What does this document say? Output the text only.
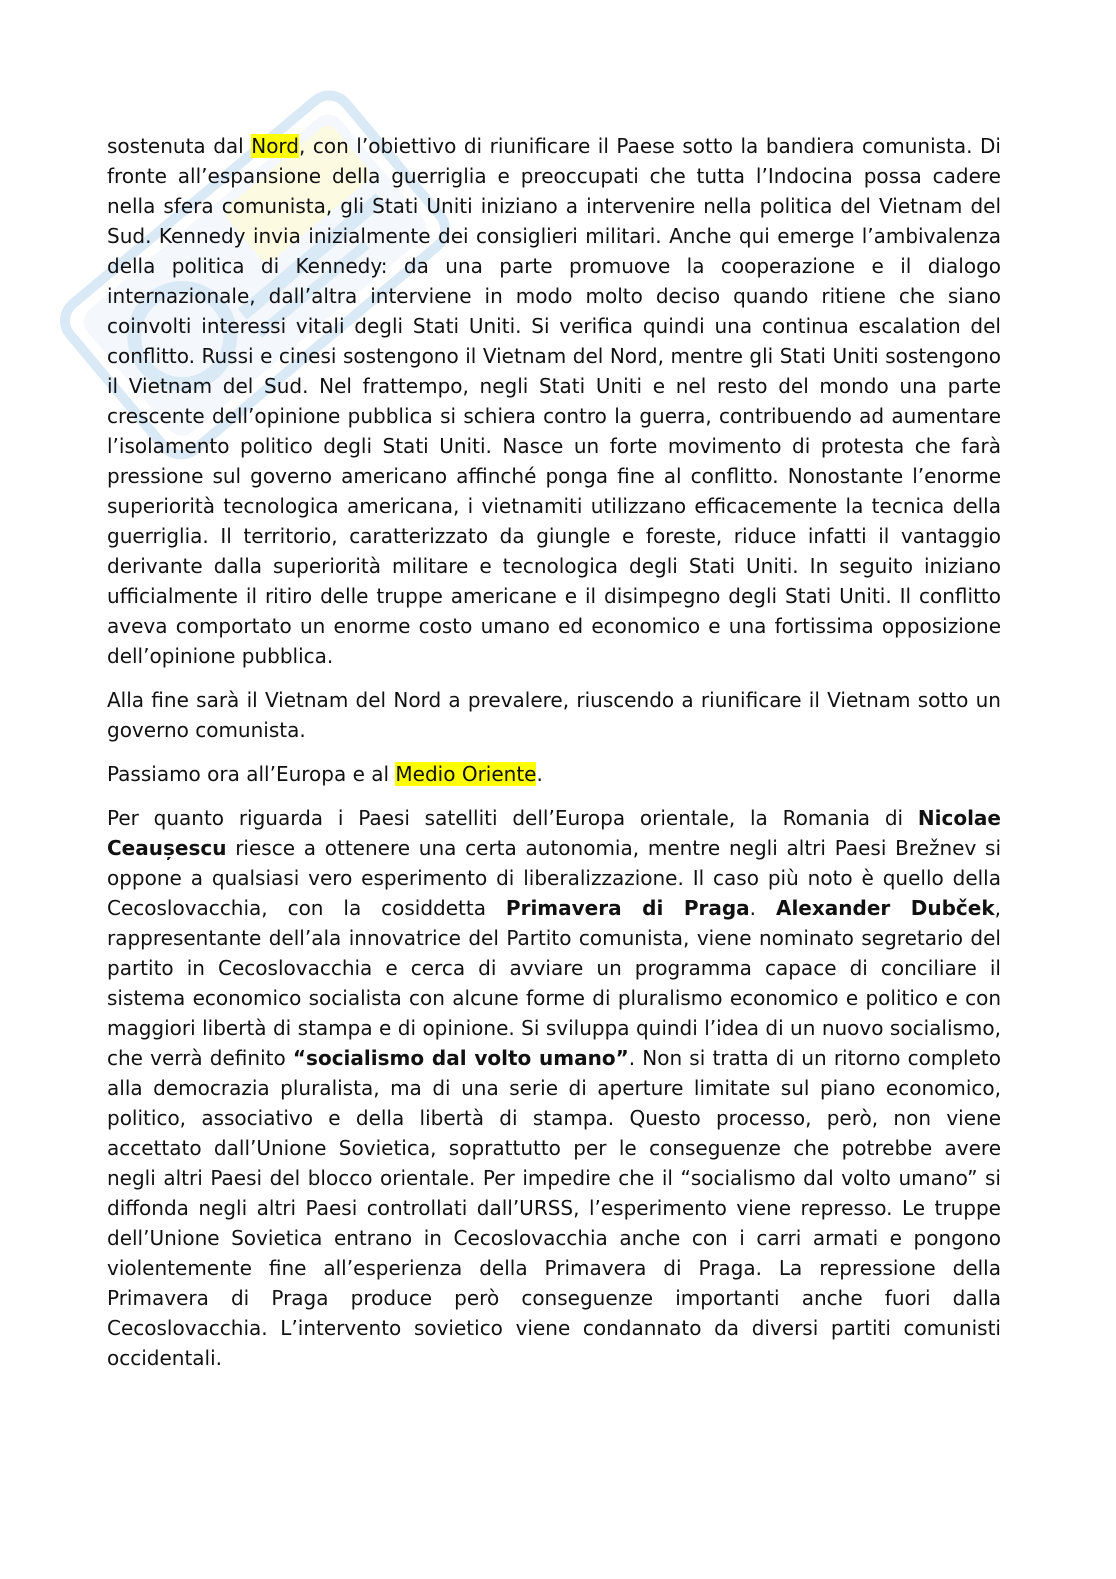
sostenuta dal Nord, con l’obiettivo di riunificare il Paese sotto la bandiera comunista. Di fronte all’espansione della guerriglia e preoccupati che tutta l’Indocina possa cadere nella sfera comunista, gli Stati Uniti iniziano a intervenire nella politica del Vietnam del Sud. Kennedy invia inizialmente dei consiglieri militari. Anche qui emerge l’ambivalenza della politica di Kennedy: da una parte promuove la cooperazione e il dialogo internazionale, dall’altra interviene in modo molto deciso quando ritiene che siano coinvolti interessi vitali degli Stati Uniti. Si verifica quindi una continua escalation del conflitto. Russi e cinesi sostengono il Vietnam del Nord, mentre gli Stati Uniti sostengono il Vietnam del Sud. Nel frattempo, negli Stati Uniti e nel resto del mondo una parte crescente dell’opinione pubblica si schiera contro la guerra, contribuendo ad aumentare l’isolamento politico degli Stati Uniti. Nasce un forte movimento di protesta che farà pressione sul governo americano affinché ponga fine al conflitto. Nonostante l’enorme superiorità tecnologica americana, i vietnamiti utilizzano efficacemente la tecnica della guerriglia. Il territorio, caratterizzato da giungle e foreste, riduce infatti il vantaggio derivante dalla superiorità militare e tecnologica degli Stati Uniti. In seguito iniziano ufficialmente il ritiro delle truppe americane e il disimpegno degli Stati Uniti. Il conflitto aveva comportato un enorme costo umano ed economico e una fortissima opposizione dell’opinione pubblica.

Alla fine sarà il Vietnam del Nord a prevalere, riuscendo a riunificare il Vietnam sotto un governo comunista.

Passiamo ora all’Europa e al Medio Oriente.

Per quanto riguarda i Paesi satelliti dell’Europa orientale, la Romania di Nicolae Ceaușescu riesce a ottenere una certa autonomia, mentre negli altri Paesi Brežnev si oppone a qualsiasi vero esperimento di liberalizzazione. Il caso più noto è quello della Cecoslovacchia, con la cosiddetta Primavera di Praga. Alexander Dubček, rappresentante dell’ala innovatrice del Partito comunista, viene nominato segretario del partito in Cecoslovacchia e cerca di avviare un programma capace di conciliare il sistema economico socialista con alcune forme di pluralismo economico e politico e con maggiori libertà di stampa e di opinione. Si sviluppa quindi l’idea di un nuovo socialismo, che verrà definito “socialismo dal volto umano”. Non si tratta di un ritorno completo alla democrazia pluralista, ma di una serie di aperture limitate sul piano economico, politico, associativo e della libertà di stampa. Questo processo, però, non viene accettato dall’Unione Sovietica, soprattutto per le conseguenze che potrebbe avere negli altri Paesi del blocco orientale. Per impedire che il “socialismo dal volto umano” si diffonda negli altri Paesi controllati dall’URSS, l’esperimento viene represso. Le truppe dell’Unione Sovietica entrano in Cecoslovacchia anche con i carri armati e pongono violentemente fine all’esperienza della Primavera di Praga. La repressione della Primavera di Praga produce però conseguenze importanti anche fuori dalla Cecoslovacchia. L’intervento sovietico viene condannato da diversi partiti comunisti occidentali.
